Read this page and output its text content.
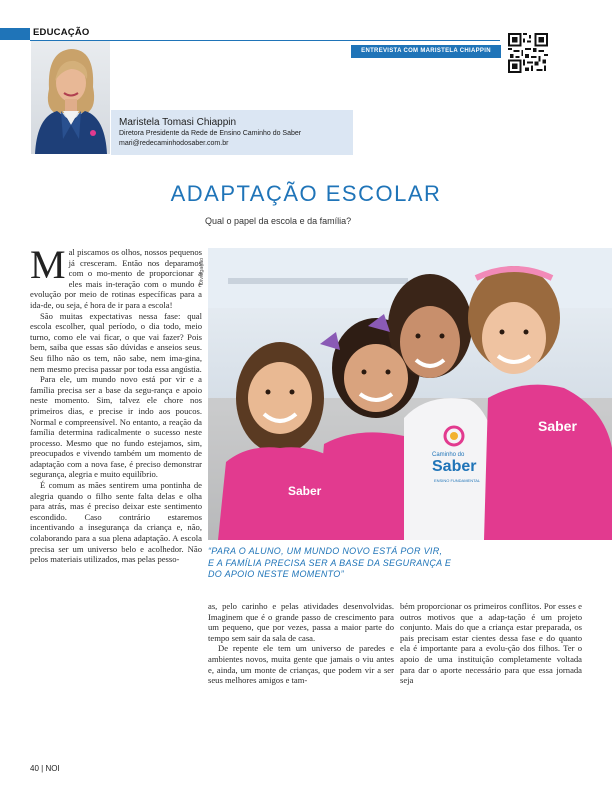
EDUCAÇÃO
ENTREVISTA COM MARISTELA CHIAPPIN
Maristela Tomasi Chiappin
Diretora Presidente da Rede de Ensino Caminho do Saber
mari@redecaminhodosaber.com.br
ADAPTAÇÃO ESCOLAR
Qual o papel da escola e da família?

Mal piscamos os olhos, nossos pequenos já cresceram. Então nos deparamos com o mo-mento de proporcionar a eles mais in-teração com o mundo e evolução por meio de rotinas específicas para a ida-de, ou seja, é hora de ir para a escola!

São muitas expectativas nessa fase: qual escola escolher, qual período, o dia todo, meio turno, como ele vai ficar, o que vai fazer? Pois bem, saiba que essas são dúvidas e anseios seus. Seu filho não os tem, não sabe, nem ima-gina, nem mesmo precisa passar por toda essa angústia.

Para ele, um mundo novo está por vir e a família precisa ser a base da segu-rança e apoio neste momento. Sim, talvez ele chore nos primeiros dias, e precise ir indo aos poucos. Normal e compreensível. No entanto, a reação da família determina radicalmente o sucesso neste processo. Mesmo que no fundo estejamos, sim, preocupados e vivendo também um momento de adaptação com a nova fase, é preciso demonstrar segurança, alegria e muito equilíbrio.

É comum as mães sentirem uma pontinha de alegria quando o filho sente falta delas e olha para atrás, mas é preciso deixar este sentimento escondido. Caso contrário estaremos incentivando a insegurança da criança e, não, colaborando para a sua plena adaptação. A escola precisa ser um universo belo e acolhedor. Não pelos materiais utilizados, mas pelas pesso-

Divulgação
Caminho do
Saber
ENSINO FUNDAMENTAL
Saber
Saber
“PARA O ALUNO, UM MUNDO NOVO ESTÁ POR VIR,
E A FAMÍLIA PRECISA SER A BASE DA SEGURANÇA E
DO APOIO NESTE MOMENTO”

as, pelo carinho e pelas atividades desenvolvidas. Imaginem que é o grande passo de crescimento para um pequeno, que por vezes, passa a maior parte do tempo sem sair da sala de casa.

De repente ele tem um universo de paredes e ambientes novos, muita gente que jamais o viu antes e, ainda, um monte de crianças, que podem vir a ser seus melhores amigos e tam-

bém proporcionar os primeiros conflitos. Por esses e outros motivos que a adap-tação é um projeto conjunto. Mais do que a criança estar preparada, os pais precisam estar cientes dessa fase e do quanto ela é importante para a evolu-ção dos filhos. Ter o apoio de uma instituição completamente voltada para dar o aporte necessário para que essa jornada seja

40 | NOI
